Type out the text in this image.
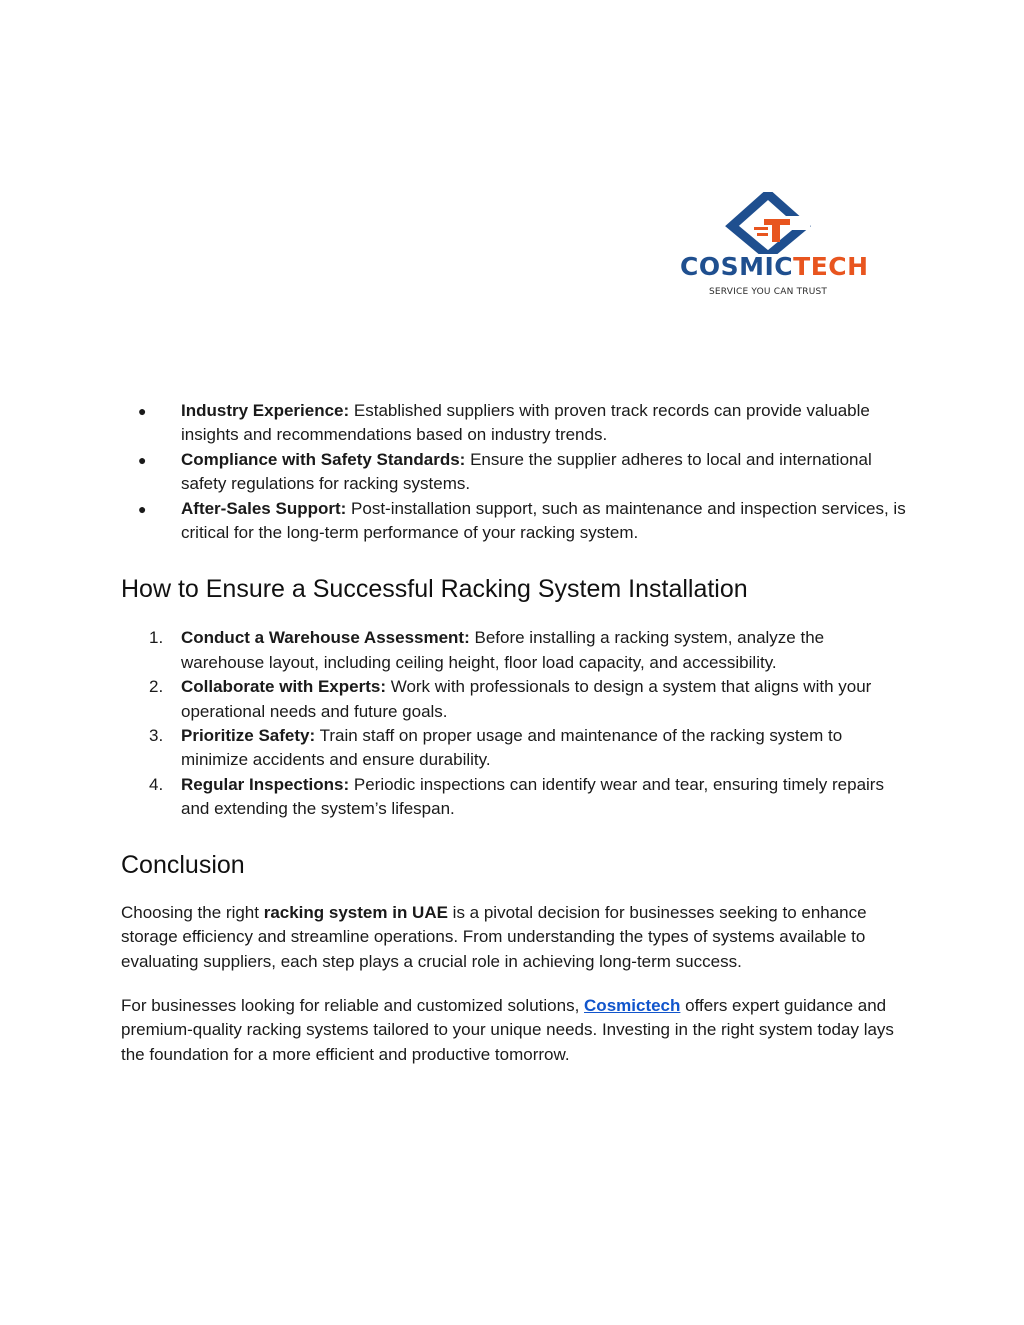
COSMICTECH
SERVICE YOU CAN TRUST
● Industry Experience: Established suppliers with proven track records can provide valuable insights and recommendations based on industry trends.
● Compliance with Safety Standards: Ensure the supplier adheres to local and international safety regulations for racking systems.
● After-Sales Support: Post-installation support, such as maintenance and inspection services, is critical for the long-term performance of your racking system.
How to Ensure a Successful Racking System Installation
1. Conduct a Warehouse Assessment: Before installing a racking system, analyze the warehouse layout, including ceiling height, floor load capacity, and accessibility.
2. Collaborate with Experts: Work with professionals to design a system that aligns with your operational needs and future goals.
3. Prioritize Safety: Train staff on proper usage and maintenance of the racking system to minimize accidents and ensure durability.
4. Regular Inspections: Periodic inspections can identify wear and tear, ensuring timely repairs and extending the system’s lifespan.
Conclusion

Choosing the right racking system in UAE is a pivotal decision for businesses seeking to enhance storage efficiency and streamline operations. From understanding the types of systems available to evaluating suppliers, each step plays a crucial role in achieving long-term success.

For businesses looking for reliable and customized solutions, Cosmictech offers expert guidance and premium-quality racking systems tailored to your unique needs. Investing in the right system today lays the foundation for a more efficient and productive tomorrow.
